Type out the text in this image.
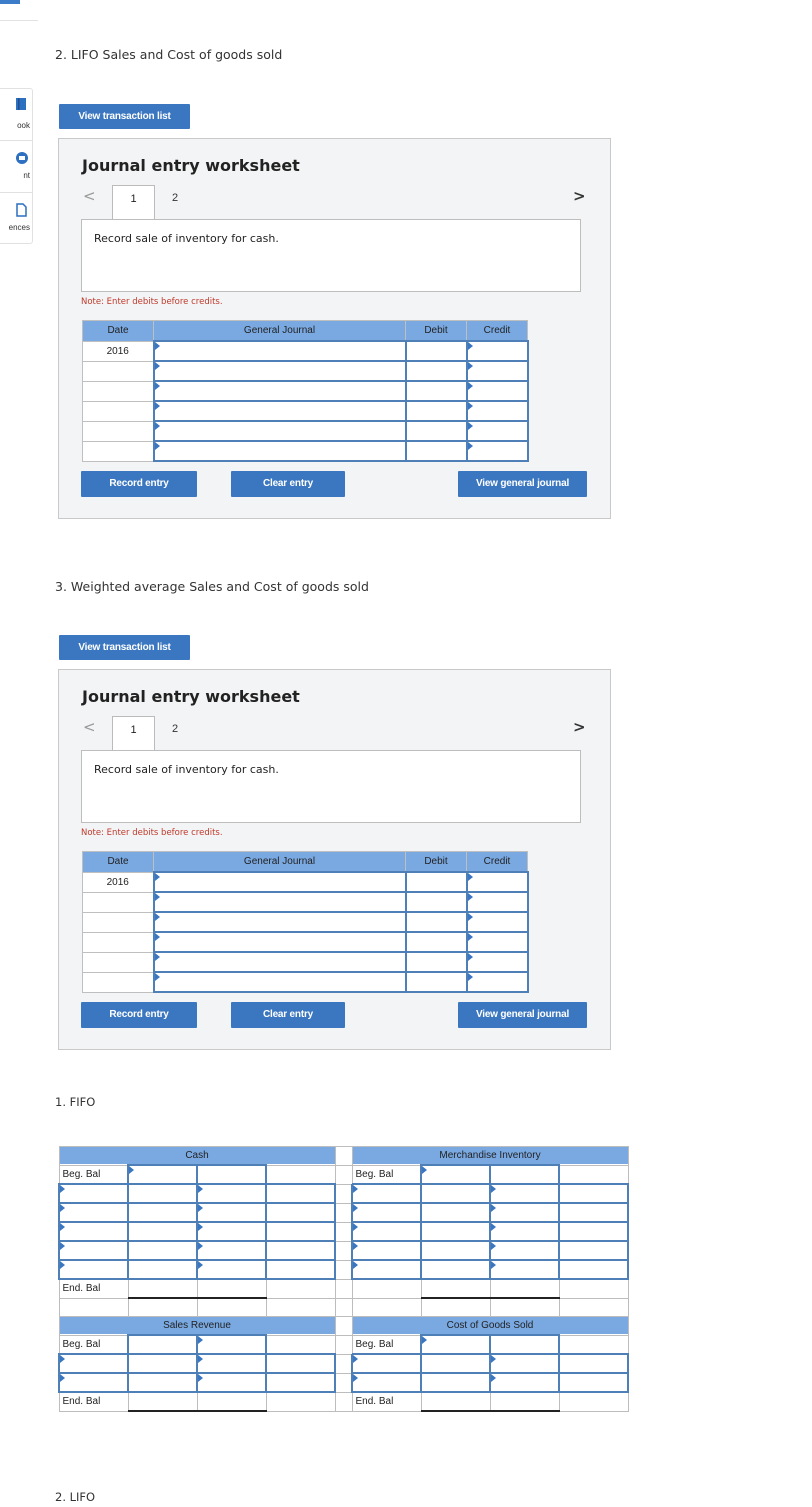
ook
nt
ences
2. LIFO Sales and Cost of goods sold
View transaction list
Journal entry worksheet
<	>
1	2
Record sale of inventory for cash.
Note: Enter debits before credits.
Date	General Journal	Debit	Credit
2016	

Record entry	Clear entry	View general journal
3. Weighted average Sales and Cost of goods sold
View transaction list
Journal entry worksheet
<	>
1	2
Record sale of inventory for cash.
Note: Enter debits before credits.
Date	General Journal	Debit	Credit
2016	

Record entry	Clear entry	View general journal
1. FIFO
Cash					Merchandise Inventory			
Beg. Bal					Beg. Bal	

End. Bal								

Sales Revenue					Cost of Goods Sold			
Beg. Bal					Beg. Bal	

End. Bal					End. Bal			
2. LIFO
